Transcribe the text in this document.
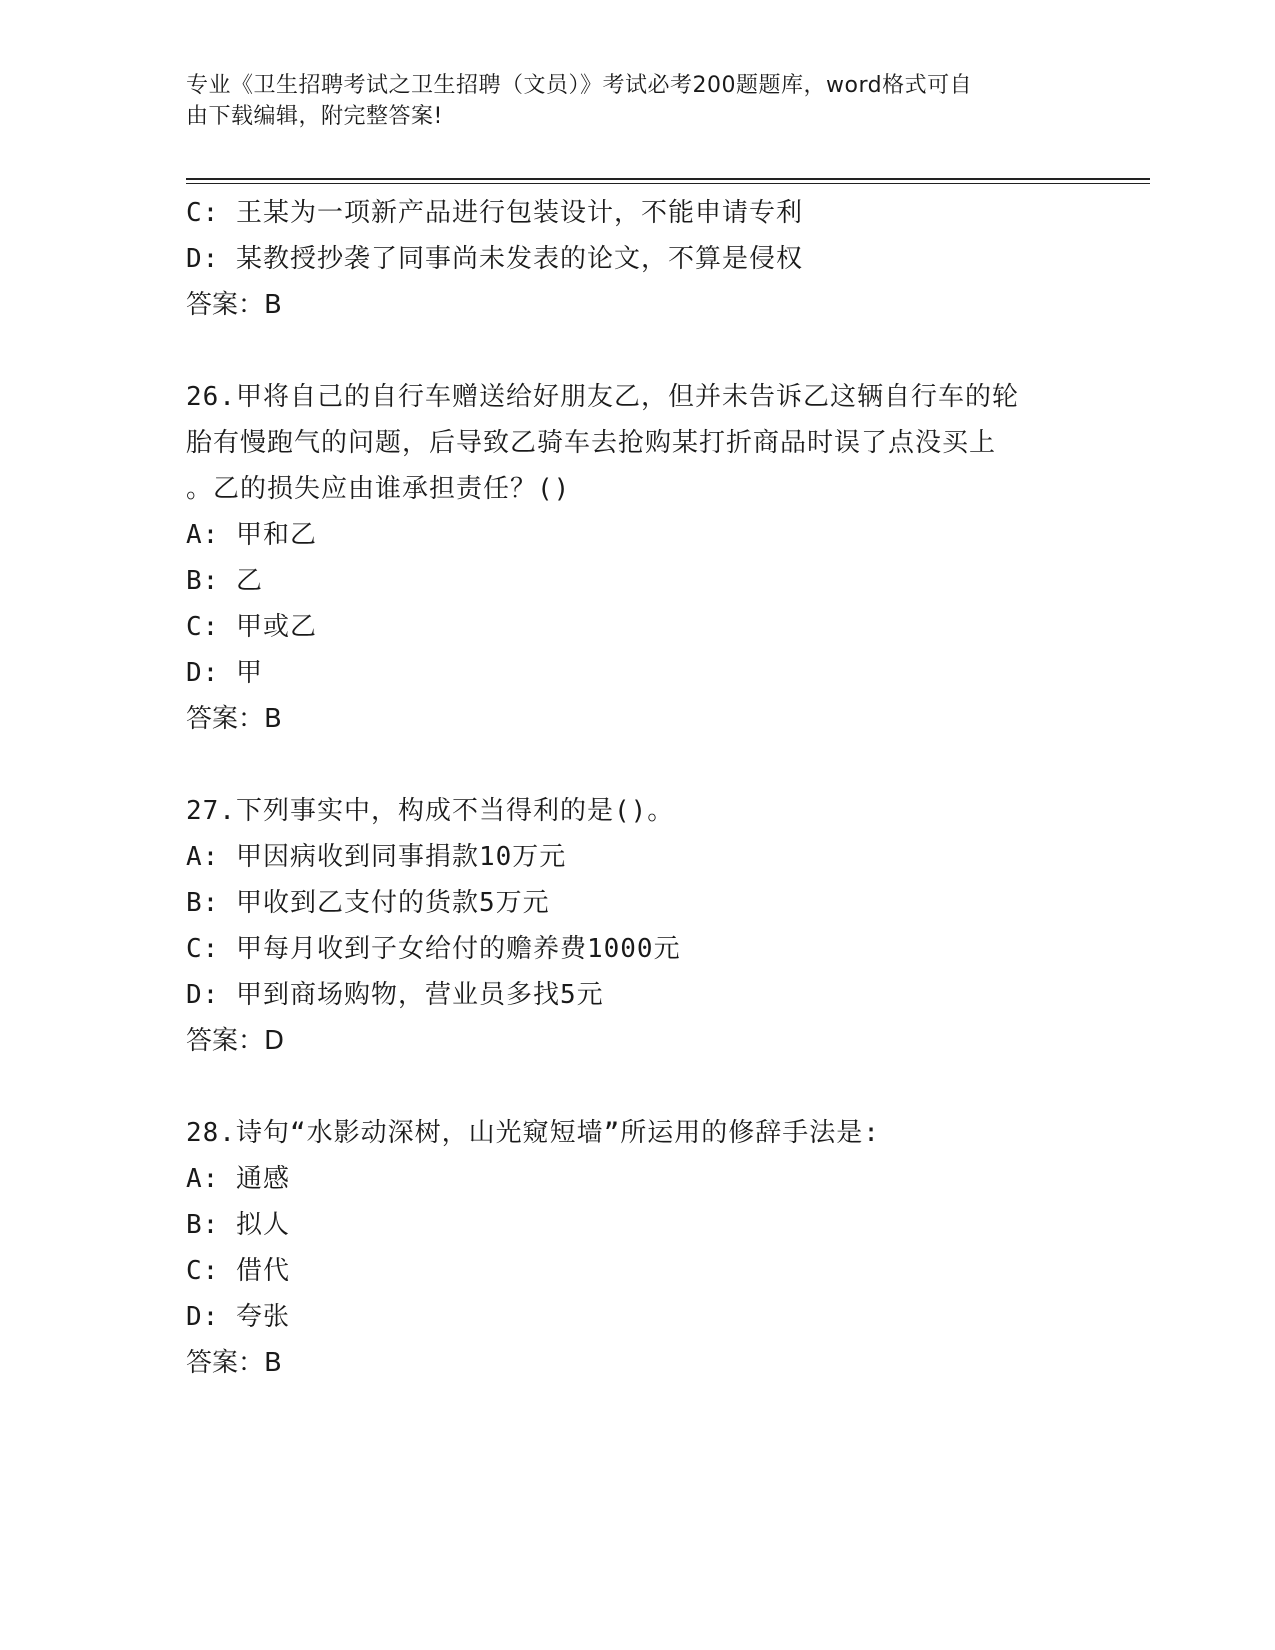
专业《卫生招聘考试之卫生招聘（文员）》考试必考200题题库，word格式可自
由下载编辑，附完整答案!
C: 王某为一项新产品进行包装设计，不能申请专利
D: 某教授抄袭了同事尚未发表的论文，不算是侵权
答案：B
26.甲将自己的自行车赠送给好朋友乙，但并未告诉乙这辆自行车的轮
胎有慢跑气的问题，后导致乙骑车去抢购某打折商品时误了点没买上
。乙的损失应由谁承担责任？()
A: 甲和乙
B: 乙
C: 甲或乙
D: 甲
答案：B
27.下列事实中，构成不当得利的是()。
A: 甲因病收到同事捐款10万元
B: 甲收到乙支付的货款5万元
C: 甲每月收到子女给付的赡养费1000元
D: 甲到商场购物，营业员多找5元
答案：D
28.诗句“水影动深树，山光窥短墙”所运用的修辞手法是:
A: 通感
B: 拟人
C: 借代
D: 夸张
答案：B
